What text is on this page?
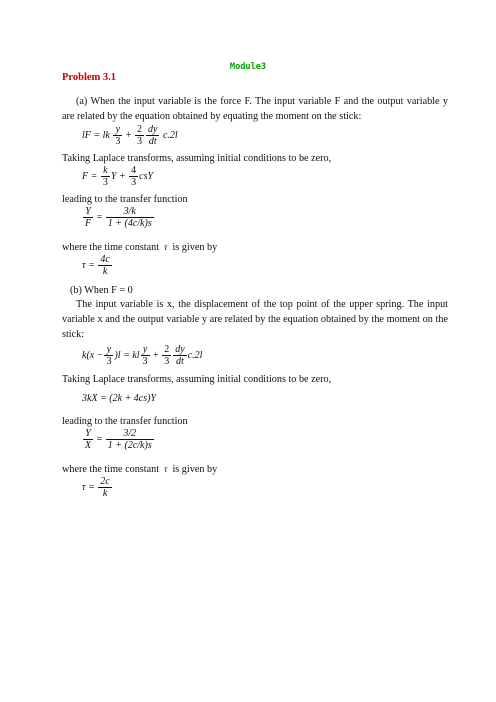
Module3
Problem 3.1
(a) When the input variable is the force F. The input variable F and the output variable y are related by the equation obtained by equating the moment on the stick:
lF = lk $\frac{y}{3} + \frac{2}{3} \frac{dy}{dt} c.2l$
Taking Laplace transforms, assuming initial conditions to be zero,
$F = \frac{k}{3}$ $Y + \frac{4}{3}$ csY
leading to the transfer function
$\frac{Y}{F} = \frac{3/k}{1 + (4c/k)s}$
where the time constant τ is given by
$\tau = \frac{4c}{k}$
(b) When F = 0
The input variable is x, the displacement of the top point of the upper spring. The input variable x and the output variable y are related by the equation obtained by the moment on the stick:
$k(x - \frac{y}{3} )l$ = kl $\frac{y}{3} + \frac{2}{3} \frac{dy}{dt} c.2l$
Taking Laplace transforms, assuming initial conditions to be zero,
3kX = (2k + 4cs)Y
leading to the transfer function
$\frac{Y}{X} = \frac{3/2}{1 + (2c/k)s}$
where the time constant τ is given by
$\tau = \frac{2c}{k}$
